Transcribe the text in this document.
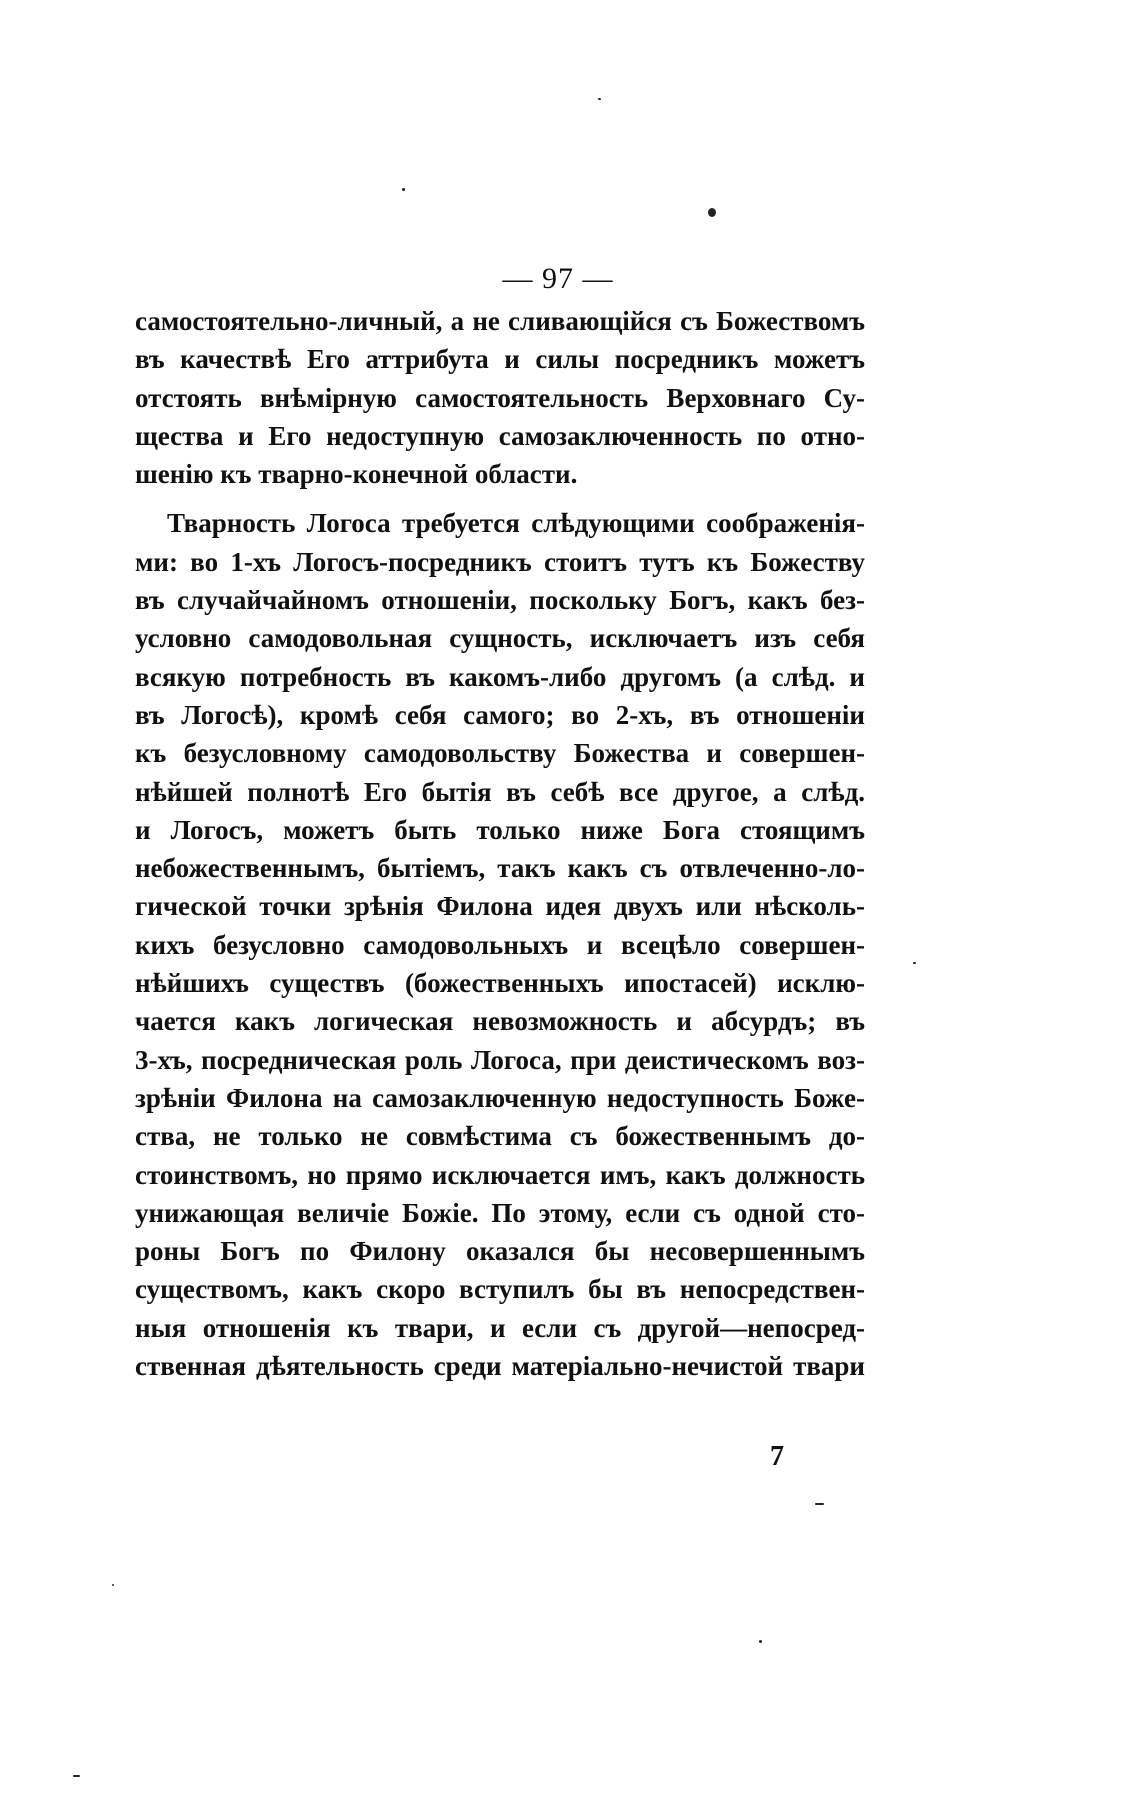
— 97 —
самостоятельно-личный, а не сливающійся съ Божествомъ
въ качествѣ Его аттрибута и силы посредникъ можетъ
отстоять внѣмірную самостоятельность Верховнаго Су-
щества и Его недоступную самозаключенность по отно-
шенію къ тварно-конечной области.
Тварность Логоса требуется слѣдующими соображенія-
ми: во 1-хъ Логосъ-посредникъ стоитъ тутъ къ Божеству
въ случайчайномъ отношеніи, поскольку Богъ, какъ без-
условно самодовольная сущность, исключаетъ изъ себя
всякую потребность въ какомъ-либо другомъ (а слѣд. и
въ Логосѣ), кромѣ себя самого; во 2-хъ, въ отношеніи
къ безусловному самодовольству Божества и совершен-
нѣйшей полнотѣ Его бытія въ себѣ все другое, а слѣд.
и Логосъ, можетъ быть только ниже Бога стоящимъ
небожественнымъ, бытіемъ, такъ какъ съ отвлеченно-ло-
гической точки зрѣнія Филона идея двухъ или нѣсколь-
кихъ безусловно самодовольныхъ и всецѣло совершен-
нѣйшихъ существъ (божественныхъ ипостасей) исклю-
чается какъ логическая невозможность и абсурдъ; въ
3-хъ, посредническая роль Логоса, при деистическомъ воз-
зрѣніи Филона на самозаключенную недоступность Боже-
ства, не только не совмѣстима съ божественнымъ до-
стоинствомъ, но прямо исключается имъ, какъ должность
унижающая величіе Божіе. По этому, если съ одной сто-
роны Богъ по Филону оказался бы несовершеннымъ
существомъ, какъ скоро вступилъ бы въ непосредствен-
ныя отношенія къ твари, и если съ другой—непосред-
ственная дѣятельность среди матеріально-нечистой твари
7
